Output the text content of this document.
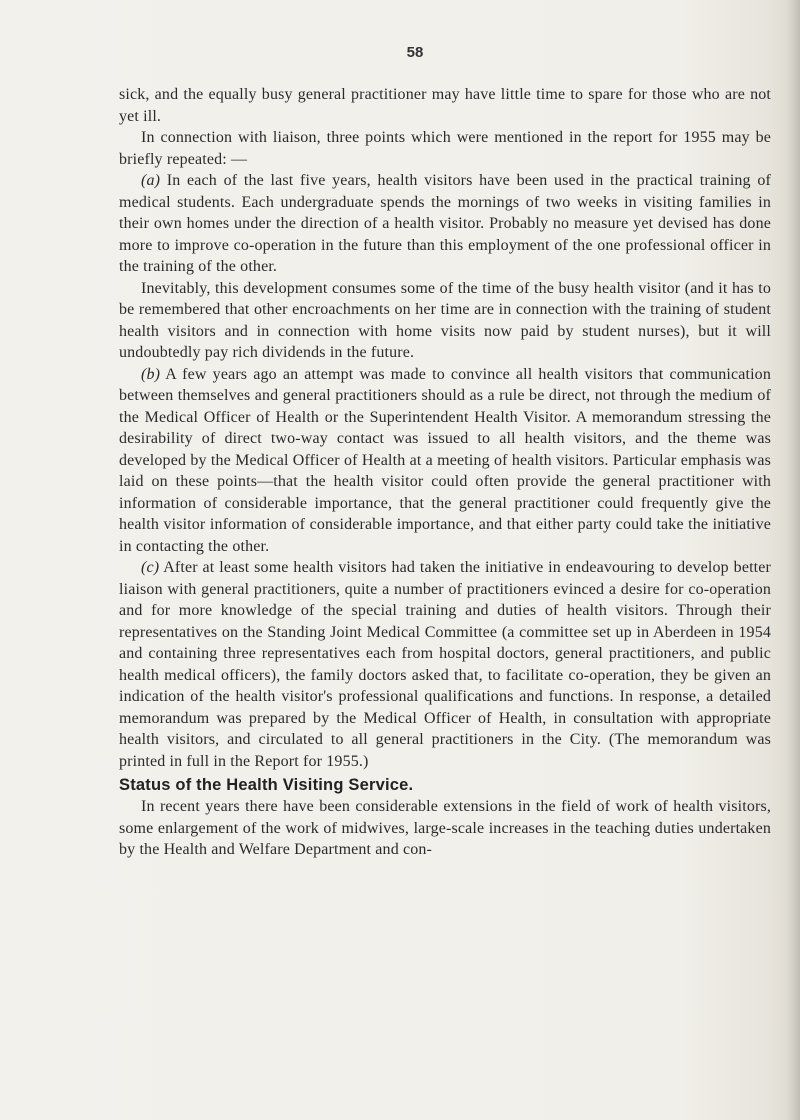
58

sick, and the equally busy general practitioner may have little time to spare for those who are not yet ill.

In connection with liaison, three points which were mentioned in the report for 1955 may be briefly repeated: —

(a) In each of the last five years, health visitors have been used in the practical training of medical students. Each undergraduate spends the mornings of two weeks in visiting families in their own homes under the direction of a health visitor. Probably no measure yet devised has done more to improve co-operation in the future than this employment of the one professional officer in the training of the other.

Inevitably, this development consumes some of the time of the busy health visitor (and it has to be remembered that other encroachments on her time are in connection with the training of student health visitors and in connection with home visits now paid by student nurses), but it will undoubtedly pay rich dividends in the future.

(b) A few years ago an attempt was made to convince all health visitors that communication between themselves and general practitioners should as a rule be direct, not through the medium of the Medical Officer of Health or the Superintendent Health Visitor. A memorandum stressing the desirability of direct two-way contact was issued to all health visitors, and the theme was developed by the Medical Officer of Health at a meeting of health visitors. Particular emphasis was laid on these points—that the health visitor could often provide the general practitioner with information of considerable importance, that the general practitioner could frequently give the health visitor information of considerable importance, and that either party could take the initiative in contacting the other.

(c) After at least some health visitors had taken the initiative in endeavouring to develop better liaison with general practitioners, quite a number of practitioners evinced a desire for co-operation and for more knowledge of the special training and duties of health visitors. Through their representatives on the Standing Joint Medical Committee (a committee set up in Aberdeen in 1954 and containing three representatives each from hospital doctors, general practitioners, and public health medical officers), the family doctors asked that, to facilitate co-operation, they be given an indication of the health visitor's professional qualifications and functions. In response, a detailed memorandum was prepared by the Medical Officer of Health, in consultation with appropriate health visitors, and circulated to all general practitioners in the City. (The memorandum was printed in full in the Report for 1955.)

Status of the Health Visiting Service.

In recent years there have been considerable extensions in the field of work of health visitors, some enlargement of the work of midwives, large-scale increases in the teaching duties undertaken by the Health and Welfare Department and con-
